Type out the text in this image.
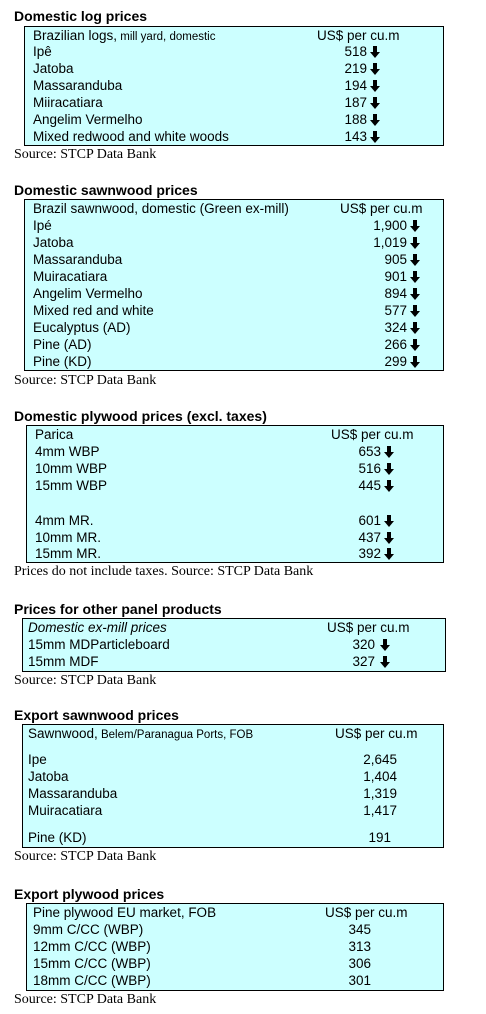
Domestic log prices
Brazilian logs, mill yard, domestic	US$ per cu.m
Ipê	518
Jatoba	219
Massaranduba	194
Miiracatiara	187
Angelim Vermelho	188
Mixed redwood and white woods	143
Source: STCP Data Bank
Domestic sawnwood prices
Brazil sawnwood, domestic (Green ex-mill)	US$ per cu.m
Ipé	1,900
Jatoba	1,019
Massaranduba	905
Muiracatiara	901
Angelim Vermelho	894
Mixed red and white	577
Eucalyptus (AD)	324
Pine (AD)	266
Pine (KD)	299
Source: STCP Data Bank
Domestic plywood prices (excl. taxes)
Parica	US$ per cu.m
4mm WBP	653
10mm WBP	516
15mm WBP	445
4mm MR.	601
10mm MR.	437
15mm MR.	392
Prices do not include taxes. Source: STCP Data Bank
Prices for other panel products
Domestic ex-mill prices	US$ per cu.m
15mm MDParticleboard	320
15mm MDF	327
Source: STCP Data Bank
Export sawnwood prices
Sawnwood, Belem/Paranagua Ports, FOB	US$ per cu.m
Ipe	2,645
Jatoba	1,404
Massaranduba	1,319
Muiracatiara	1,417
Pine (KD)	191
Source: STCP Data Bank
Export plywood prices
Pine plywood EU market, FOB	US$ per cu.m
9mm C/CC (WBP)	345
12mm C/CC (WBP)	313
15mm C/CC (WBP)	306
18mm C/CC (WBP)	301
Source: STCP Data Bank
